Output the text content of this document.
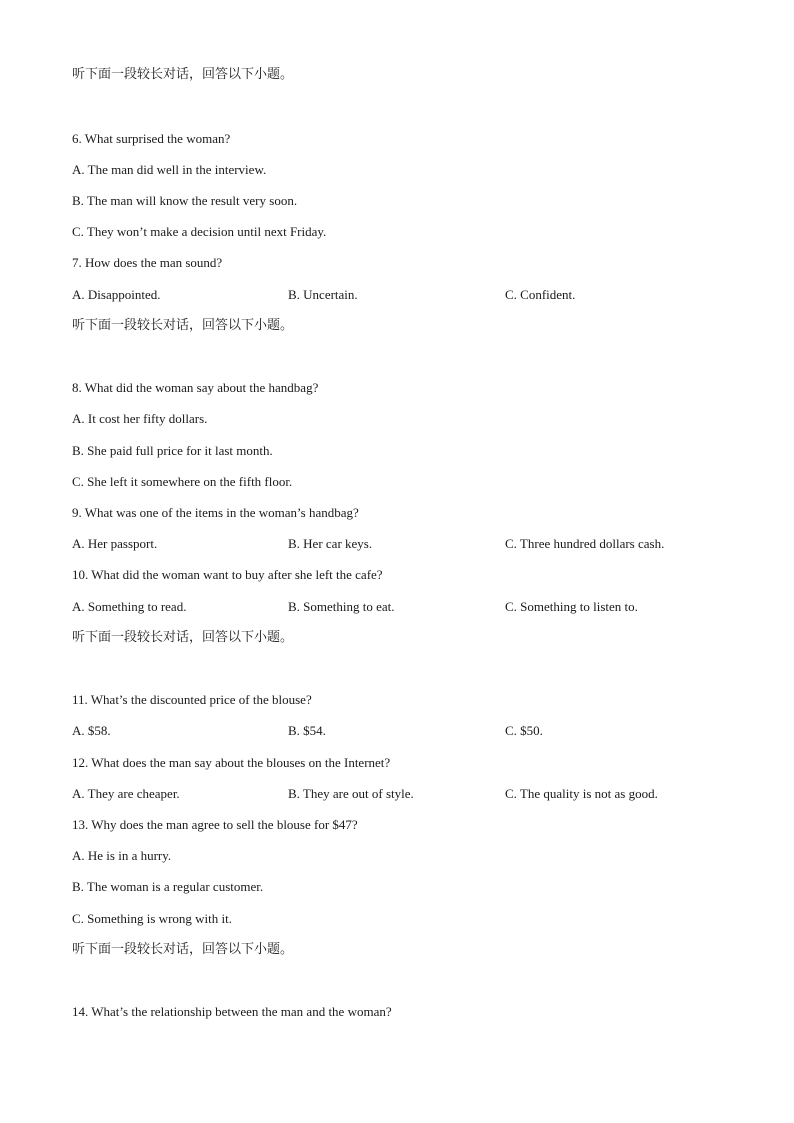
听下面一段较长对话，回答以下小题。
6. What surprised the woman?
A. The man did well in the interview.
B. The man will know the result very soon.
C. They won’t make a decision until next Friday.
7. How does the man sound?
A. Disappointed.	B. Uncertain.	C. Confident.
听下面一段较长对话，回答以下小题。
8. What did the woman say about the handbag?
A. It cost her fifty dollars.
B. She paid full price for it last month.
C. She left it somewhere on the fifth floor.
9. What was one of the items in the woman’s handbag?
A. Her passport.	B. Her car keys.	C. Three hundred dollars cash.
10. What did the woman want to buy after she left the cafe?
A. Something to read.	B. Something to eat.	C. Something to listen to.
听下面一段较长对话，回答以下小题。
11. What’s the discounted price of the blouse?
A. $58.	B. $54.	C. $50.
12. What does the man say about the blouses on the Internet?
A. They are cheaper.	B. They are out of style.	C. The quality is not as good.
13. Why does the man agree to sell the blouse for $47?
A. He is in a hurry.
B. The woman is a regular customer.
C. Something is wrong with it.
听下面一段较长对话，回答以下小题。
14. What’s the relationship between the man and the woman?
